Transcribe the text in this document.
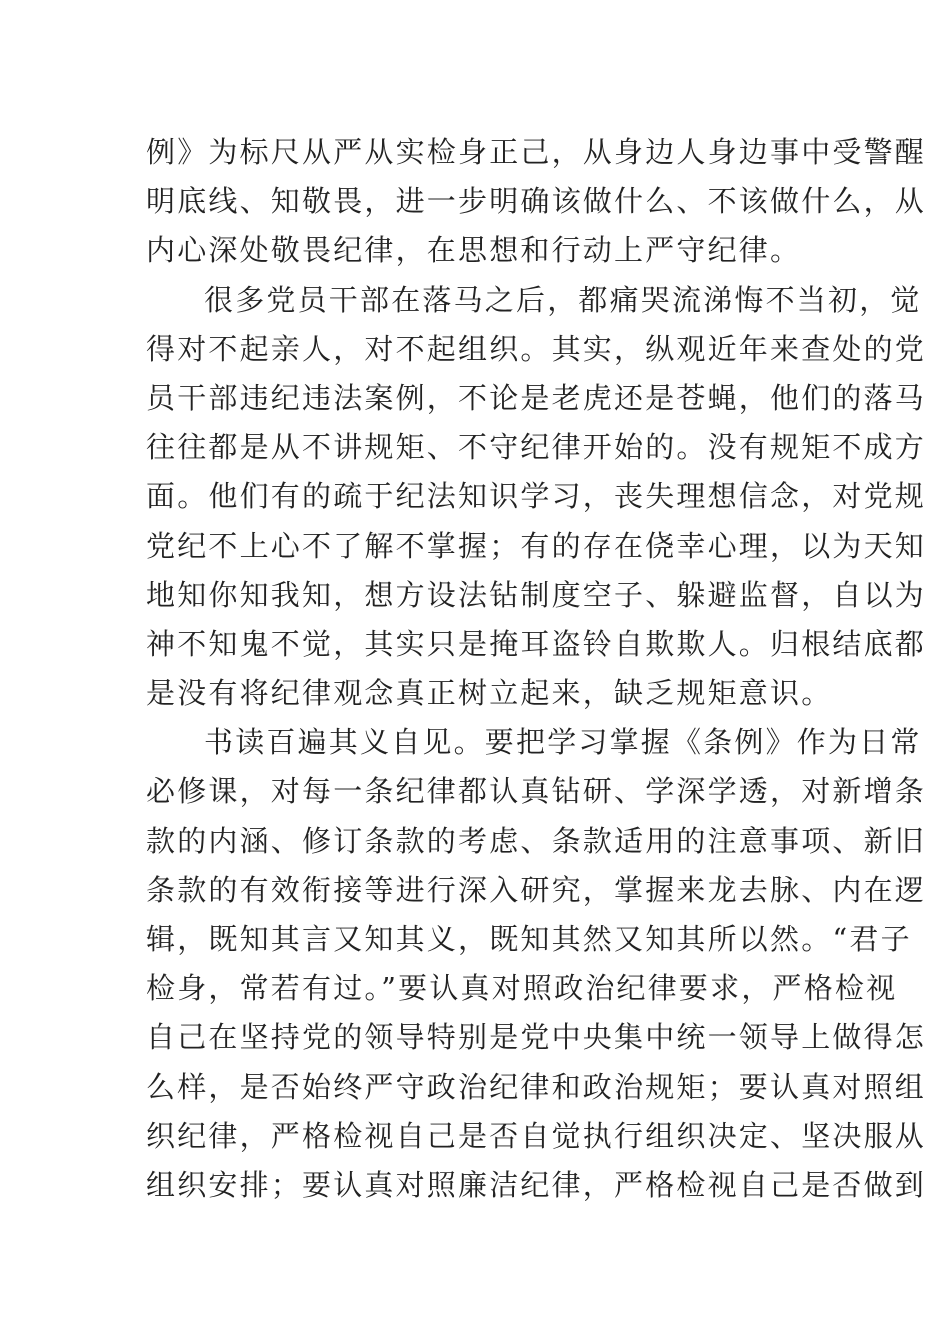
例》为标尺从严从实检身正己，从身边人身边事中受警醒
明底线、知敬畏，进一步明确该做什么、不该做什么，从
内心深处敬畏纪律，在思想和行动上严守纪律。
很多党员干部在落马之后，都痛哭流涕悔不当初，觉
得对不起亲人，对不起组织。其实，纵观近年来查处的党
员干部违纪违法案例，不论是老虎还是苍蝇，他们的落马
往往都是从不讲规矩、不守纪律开始的。没有规矩不成方
面。他们有的疏于纪法知识学习，丧失理想信念，对党规
党纪不上心不了解不掌握；有的存在侥幸心理，以为天知
地知你知我知，想方设法钻制度空子、躲避监督，自以为
神不知鬼不觉，其实只是掩耳盗铃自欺欺人。归根结底都
是没有将纪律观念真正树立起来，缺乏规矩意识。
书读百遍其义自见。要把学习掌握《条例》作为日常
必修课，对每一条纪律都认真钻研、学深学透，对新增条
款的内涵、修订条款的考虑、条款适用的注意事项、新旧
条款的有效衔接等进行深入研究，掌握来龙去脉、内在逻
辑，既知其言又知其义，既知其然又知其所以然。“君子
检身，常若有过。”要认真对照政治纪律要求，严格检视
自己在坚持党的领导特别是党中央集中统一领导上做得怎
么样，是否始终严守政治纪律和政治规矩；要认真对照组
织纪律，严格检视自己是否自觉执行组织决定、坚决服从
组织安排；要认真对照廉洁纪律，严格检视自己是否做到
